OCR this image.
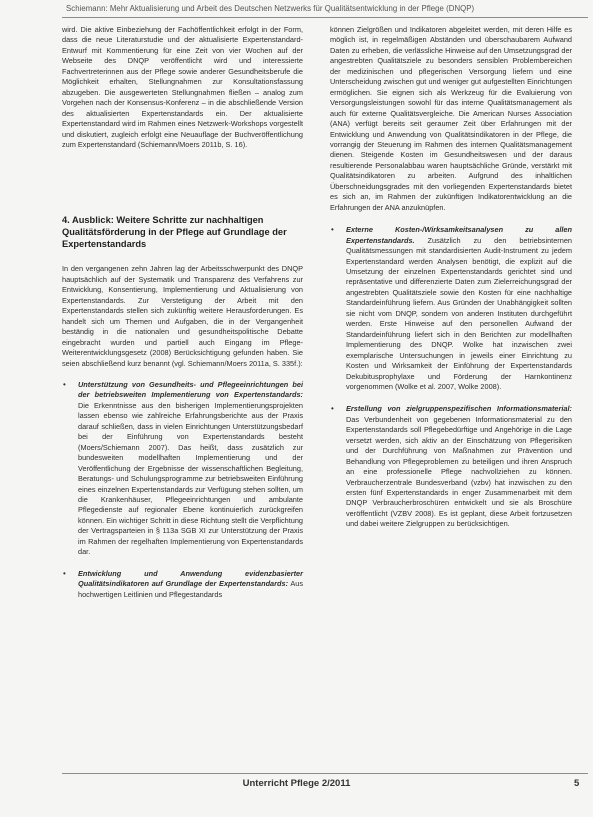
Schiemann: Mehr Aktualisierung und Arbeit des Deutschen Netzwerks für Qualitätsentwicklung in der Pflege (DNQP)

wird. Die aktive Einbeziehung der Fachöffentlichkeit erfolgt in der Form, dass die neue Literaturstudie und der aktualisierte Expertenstandard-Entwurf mit Kommentierung für eine Zeit von vier Wochen auf der Webseite des DNQP veröffentlicht wird und interessierte Fachvertreterinnen aus der Pflege sowie anderer Gesundheitsberufe die Möglichkeit erhalten, Stellungnahmen zur Konsultationsfassung abzugeben. Die ausgewerteten Stellungnahmen fließen – analog zum Vorgehen nach der Konsensus-Konferenz – in die abschließende Version des aktualisierten Expertenstandards ein. Der aktualisierte Expertenstandard wird im Rahmen eines Netzwerk-Workshops vorgestellt und diskutiert, zugleich erfolgt eine Neuauflage der Buchveröffentlichung zum Expertenstandard (Schiemann/Moers 2011b, S. 16).

4. Ausblick: Weitere Schritte zur nachhaltigen Qualitätsförderung in der Pflege auf Grundlage der Expertenstandards

In den vergangenen zehn Jahren lag der Arbeitsschwerpunkt des DNQP hauptsächlich auf der Systematik und Transparenz des Verfahrens zur Entwicklung, Konsentierung, Implementierung und Aktualisierung von Expertenstandards. Zur Verstetigung der Arbeit mit den Expertenstandards stellen sich zukünftig weitere Herausforderungen. Es handelt sich um Themen und Aufgaben, die in der Vergangenheit beständig in die nationalen und gesundheitspolitische Debatte eingebracht wurden und partiell auch Eingang im Pflege-Weiterentwicklungsgesetz (2008) Berücksichtigung gefunden haben. Sie seien abschließend kurz benannt (vgl. Schiemann/Moers 2011a, S. 335f.):

• Unterstützung von Gesundheits- und Pflegeeinrichtungen bei der betriebsweiten Implementierung von Expertenstandards: Die Erkenntnisse aus den bisherigen Implementierungsprojekten lassen ebenso wie zahlreiche Erfahrungsberichte aus der Praxis darauf schließen, dass in vielen Einrichtungen Unterstützungsbedarf bei der Einführung von Expertenstandards besteht (Moers/Schiemann 2007). Das heißt, dass zusätzlich zur bundesweiten modellhaften Implementierung und der Veröffentlichung der Ergebnisse der wissenschaftlichen Begleitung, Beratungs- und Schulungsprogramme zur betriebsweiten Einführung eines einzelnen Expertenstandards zur Verfügung stehen sollten, um die Krankenhäuser, Pflegeeinrichtungen und ambulante Pflegedienste auf regionaler Ebene kontinuierlich zurückgreifen können. Ein wichtiger Schritt in diese Richtung stellt die Verpflichtung der Vertragsparteien in § 113a SGB XI zur Unterstützung der Praxis im Rahmen der regelhaften Implementierung von Expertenstandards dar.
• Entwicklung und Anwendung evidenzbasierter Qualitätsindikatoren auf Grundlage der Expertenstandards: Aus hochwertigen Leitlinien und Pflegestandards

können Zielgrößen und Indikatoren abgeleitet werden, mit deren Hilfe es möglich ist, in regelmäßigen Abständen und überschaubarem Aufwand Daten zu erheben, die verlässliche Hinweise auf den Umsetzungsgrad der angestrebten Qualitätsziele zu besonders sensiblen Problembereichen der medizinischen und pflegerischen Versorgung liefern und eine Unterscheidung zwischen gut und weniger gut aufgestellten Einrichtungen ermöglichen. Sie eignen sich als Werkzeug für die Evaluierung von Versorgungsleistungen sowohl für das interne Qualitätsmanagement als auch für externe Qualitätsvergleiche. Die American Nurses Association (ANA) verfügt bereits seit geraumer Zeit über Erfahrungen mit der Entwicklung und Anwendung von Qualitätsindikatoren in der Pflege, die vorrangig der Steuerung im Rahmen des internen Qualitätsmanagement dienen. Steigende Kosten im Gesundheitswesen und der daraus resultierende Personalabbau waren hauptsächliche Gründe, verstärkt mit Qualitätsindikatoren zu arbeiten. Aufgrund des inhaltlichen Überschneidungsgrades mit den vorliegenden Expertenstandards bietet es sich an, im Rahmen der zukünftigen Indikatorentwicklung an die Erfahrungen der ANA anzuknüpfen.

• Externe Kosten-/Wirksamkeitsanalysen zu allen Expertenstandards. Zusätzlich zu den betriebsinternen Qualitätsmessungen mit standardisierten Audit-Instrument zu jedem Expertenstandard werden Analysen benötigt, die explizit auf die Umsetzung der einzelnen Expertenstandards gerichtet sind und repräsentative und differenzierte Daten zum Zielerreichungsgrad der angestrebten Qualitätsziele sowie den Kosten für eine nachhaltige Standardeinführung liefern. Aus Gründen der Unabhängigkeit sollten sie nicht vom DNQP, sondern von anderen Instituten durchgeführt werden. Erste Hinweise auf den personellen Aufwand der Standardeinführung liefert sich in den Berichten zur modellhaften Implementierung des DNQP. Wolke hat inzwischen zwei exemplarische Untersuchungen in jeweils einer Einrichtung zu Kosten und Wirksamkeit der Einführung der Expertenstandards Dekubitusprophylaxe und Förderung der Harnkontinenz vorgenommen (Wolke et al. 2007, Wolke 2008).
• Erstellung von zielgruppenspezifischen Informationsmaterial: Das Verbundenheit von gegebenen Informationsmaterial zu den Expertenstandards soll Pflegebedürftige und Angehörige in die Lage versetzt werden, sich aktiv an der Einschätzung von Pflegerisiken und der Durchführung von Maßnahmen zur Prävention und Behandlung von Pflegeproblemen zu beteiligen und ihren Anspruch an eine professionelle Pflege nachvollziehen zu können. Verbraucherzentrale Bundesverband (vzbv) hat inzwischen zu den ersten fünf Expertenstandards in enger Zusammenarbeit mit dem DNQP Verbraucherbroschüren entwickelt und sie als Broschüre veröffentlicht (VZBV 2008). Es ist geplant, diese Arbeit fortzusetzen und dabei weitere Zielgruppen zu berücksichtigen.
Unterricht Pflege 2/2011	5
